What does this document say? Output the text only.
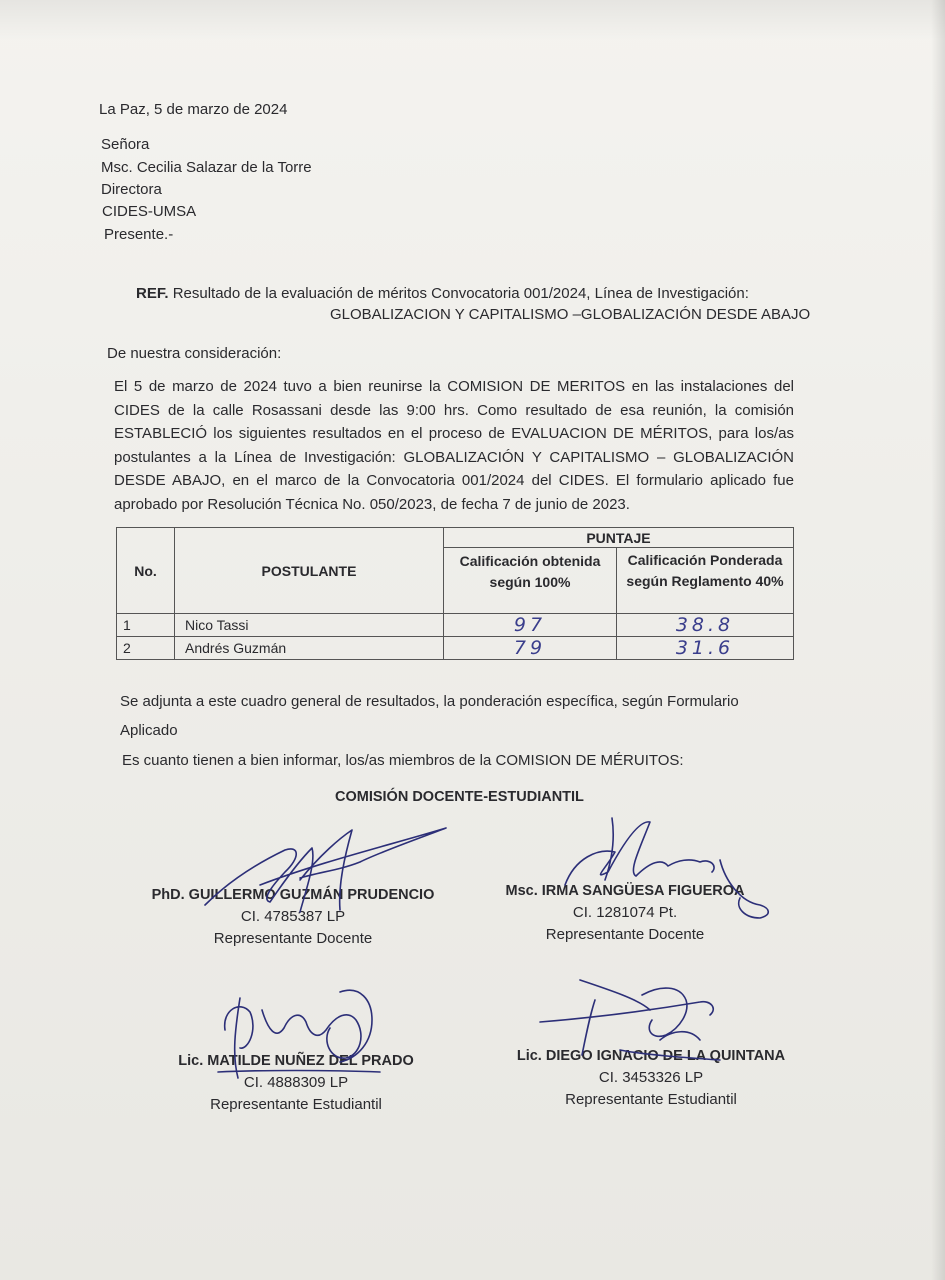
La Paz, 5 de marzo de 2024
Señora
Msc. Cecilia Salazar de la Torre
Directora
CIDES-UMSA
Presente.-
REF. Resultado de la evaluación de méritos Convocatoria 001/2024, Línea de Investigación:
GLOBALIZACION Y CAPITALISMO –GLOBALIZACIÓN DESDE ABAJO
De nuestra consideración:
El 5 de marzo de 2024 tuvo a bien reunirse la COMISION DE MERITOS en las instalaciones del
CIDES de la calle Rosassani desde las 9:00 hrs. Como resultado de esa reunión, la comisión
ESTABLECIÓ los siguientes resultados en el proceso de EVALUACION DE MÉRITOS, para los/as
postulantes a la Línea de Investigación: GLOBALIZACIÓN Y CAPITALISMO – GLOBALIZACIÓN
DESDE ABAJO, en el marco de la Convocatoria 001/2024 del CIDES. El formulario aplicado fue
aprobado por Resolución Técnica No. 050/2023, de fecha 7 de junio de 2023.
No.	POSTULANTE	PUNTAJE	
		Calificación obtenida según 100%	Calificación Ponderada según Reglamento 40%
1	Nico Tassi	97	38.8
2	Andrés Guzmán	79	31.6
Se adjunta a este cuadro general de resultados, la ponderación específica, según Formulario
Aplicado
Es cuanto tienen a bien informar, los/as miembros de la COMISION DE MÉRUITOS:
COMISIÓN DOCENTE-ESTUDIANTIL
PhD. GUILLERMO GUZMÁN PRUDENCIO
CI. 4785387 LP
Representante Docente
Msc. IRMA SANGÜESA FIGUEROA
CI. 1281074 Pt.
Representante Docente
Lic. MATILDE NUÑEZ DEL PRADO
CI. 4888309 LP
Representante Estudiantil
Lic. DIEGO IGNACIO DE LA QUINTANA
CI. 3453326 LP
Representante Estudiantil
